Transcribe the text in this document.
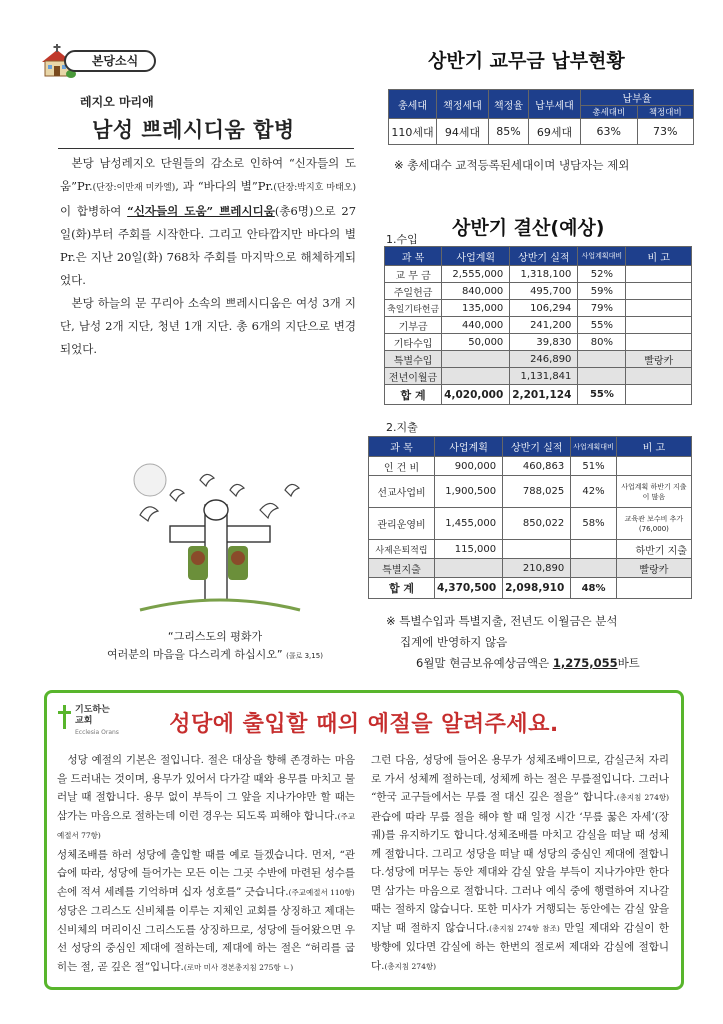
본당소식
레지오 마리애
남성 쁘레시디움 합병

본당 남성레지오 단원들의 감소로 인하여 “신자들의 도움”Pr.(단장:이만재 미카엘), 과 “바다의 별”Pr.(단장:박지호 마태오)이 합병하여 “신자들의 도움” 쁘레시디움(총6명)으로 27일(화)부터 주회를 시작한다. 그리고 안타깝지만 바다의 별Pr.은 지난 20일(화) 768차 주회를 마지막으로 해체하게되었다.

본당 하늘의 문 꾸리아 소속의 쁘레시디움은 여성 3개 지단, 남성 2개 지단, 청년 1개 지단. 총 6개의 지단으로 변경되었다.

“그리스도의 평화가
여러분의 마음을 다스리게 하십시오” (콜로 3,15)
상반기 교무금 납부현황
총세대	책정세대	책정율	납부세대	납부율	
				총세대비	책정대비
110세대	94세대	85%	69세대	63%	73%
※ 총세대수 교적등록된세대이며 냉담자는 제외
상반기 결산(예상)
1.수입
과 목	사업계획	상반기 실적	사업계획대비	비 고
교 무 금	2,555,000	1,318,100	52%	
주일헌금	840,000	495,700	59%	
축일기타헌금	135,000	106,294	79%	
기부금	440,000	241,200	55%	
기타수입	50,000	39,830	80%	
특별수입		246,890		빨랑카
전년이월금		1,131,841		
합 계	4,020,000	2,201,124	55%	
2.지출
과 목	사업계획	상반기 실적	사업계획대비	비 고
인 건 비	900,000	460,863	51%	
선교사업비	1,900,500	788,025	42%	사업계획 하반기 지출이 많음
관리운영비	1,455,000	850,022	58%	교육관 보수비 추가(76,000)
사제은퇴적립	115,000			하반기 지출
특별지출		210,890		빨랑카
합 계	4,370,500	2,098,910	48%	
※ 특별수입과 특별지출, 전년도 이월금은 분석
집계에 반영하지 않음
6월말 현금보유예상금액은 1,275,055바트
기도하는 교회
Ecclesia Orans	성당에 출입할 때의 예절을 알려주세요.
성당 예절의 기본은 절입니다. 절은 대상을 향해 존경하는 마음을 드러내는 것이며, 용무가 있어서 다가갈 때와 용무를 마치고 물러날 때 절합니다. 용무 없이 부득이 그 앞을 지나가야만 할 때는 삼가는 마음으로 절하는데 이런 경우는 되도록 피해야 합니다.(주교예절서 77항)
성체조배를 하러 성당에 출입할 때를 예로 들겠습니다. 먼저, “관습에 따라, 성당에 들어가는 모든 이는 그곳 수반에 마련된 성수를 손에 적셔 세례를 기억하며 십자 성호를” 긋습니다.(주교예절서 110항)
성당은 그리스도 신비체를 이루는 지체인 교회를 상징하고 제대는 신비체의 머리이신 그리스도를 상징하므로, 성당에 들어왔으면 우선 성당의 중심인 제대에 절하는데, 제대에 하는 절은 “허리를 굽히는 절, 곧 깊은 절”입니다.(로마 미사 경본총지침 275항 ㄴ)
그런 다음, 성당에 들어온 용무가 성체조배이므로, 감실근처 자리로 가서 성체께 절하는데, 성체께 하는 절은 무릎절입니다. 그러나 “한국 교구들에서는 무릎 절 대신 깊은 절을” 합니다.(총지침 274항) 관습에 따라 무릎 절을 해야 할 때 일정 시간 ‘무릎 꿇은 자세’(장궤)를 유지하기도 합니다.성체조배를 마치고 감실을 떠날 때 성체께 절합니다. 그리고 성당을 떠날 때 성당의 중심인 제대에 절합니다.성당에 머무는 동안 제대와 감실 앞을 부득이 지나가야만 한다면 삼가는 마음으로 절합니다. 그러나 예식 중에 행렬하여 지나갈 때는 절하지 않습니다. 또한 미사가 거행되는 동안에는 감실 앞을 지날 때 절하지 않습니다.(총지침 274항 참조) 만일 제대와 감실이 한 방향에 있다면 감실에 하는 한번의 절로써 제대와 감실에 절합니다.(총지침 274항)
